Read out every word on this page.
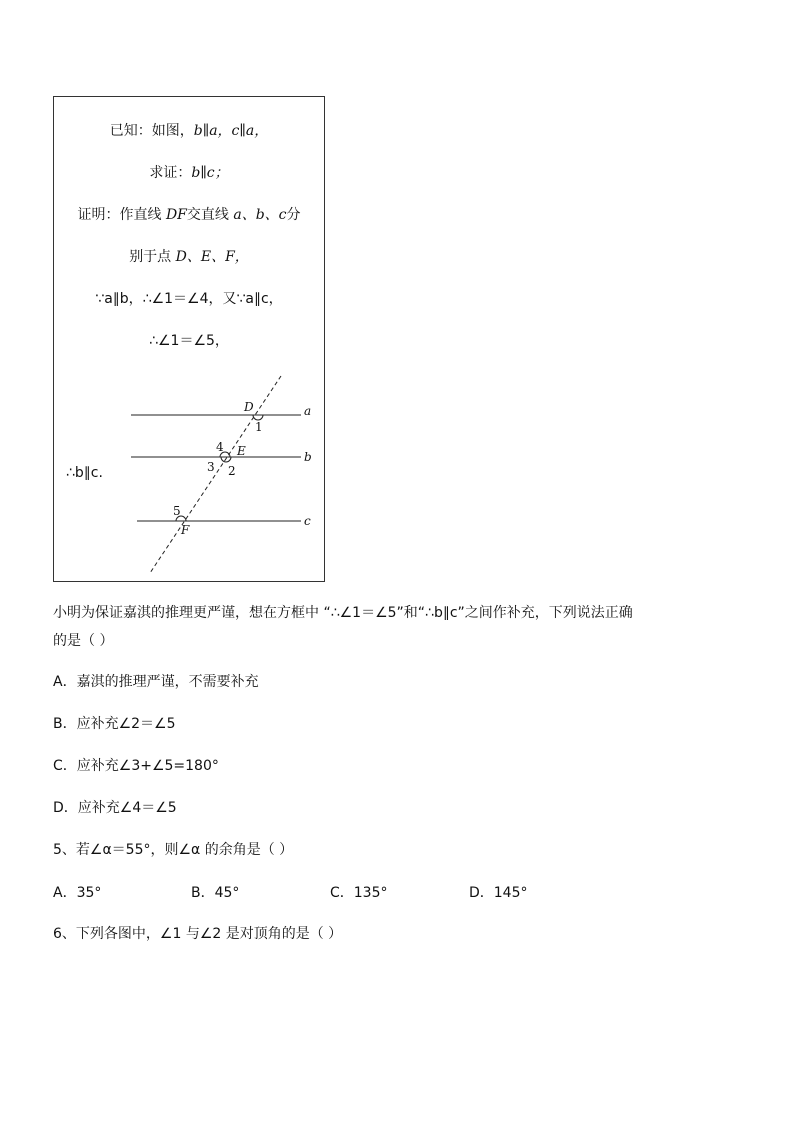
已知：如图，b∥a，c∥a，
求证：b∥c；
证明：作直线 DF交直线 a、b、c分
别于点 D、E、F，
∵a∥b，∴∠1＝∠4，又∵a∥c，
∴∠1＝∠5，
∴b∥c.
D
1
a
4 E	b
3 2
5
F
c
小明为保证嘉淇的推理更严谨，想在方框中 “∴∠1＝∠5”和“∴b∥c”之间作补充，下列说法正确
的是（ ）
A．嘉淇的推理严谨，不需要补充
B．应补充∠2＝∠5
C．应补充∠3+∠5=180°
D．应补充∠4＝∠5
5、若∠α＝55°，则∠α 的余角是（ ）
A．35°	B．45°	C．135°	D．145°
6、下列各图中，∠1 与∠2 是对顶角的是（ ）
